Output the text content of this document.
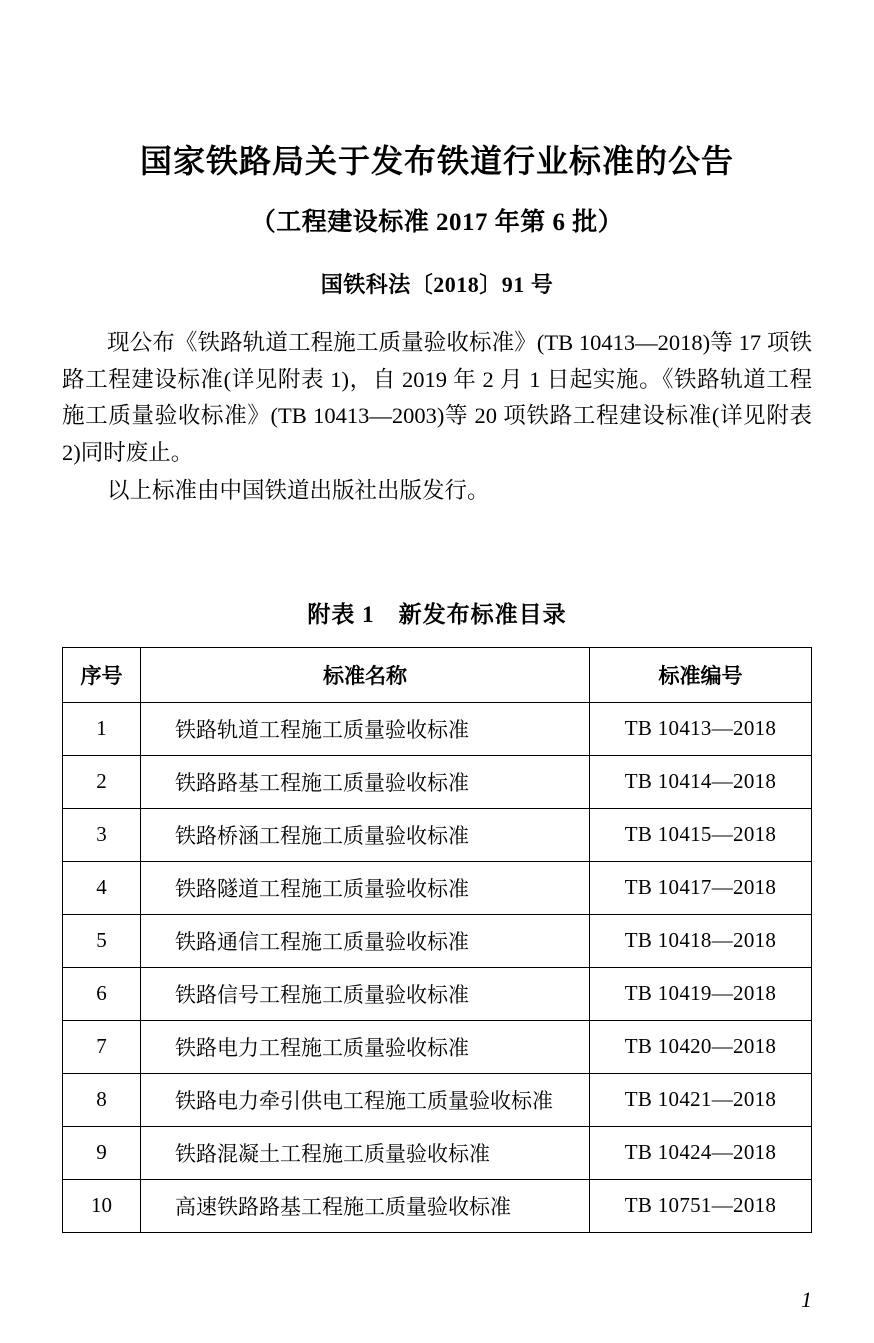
国家铁路局关于发布铁道行业标准的公告
（工程建设标准 2017 年第 6 批）
国铁科法〔2018〕91 号

现公布《铁路轨道工程施工质量验收标准》(TB 10413—2018)等 17 项铁路工程建设标准(详见附表 1)，自 2019 年 2 月 1 日起实施。《铁路轨道工程施工质量验收标准》(TB 10413—2003)等 20 项铁路工程建设标准(详见附表 2)同时废止。

以上标准由中国铁道出版社出版发行。

附表 1　新发布标准目录
序号	标准名称	标准编号
1	铁路轨道工程施工质量验收标准	TB 10413—2018
2	铁路路基工程施工质量验收标准	TB 10414—2018
3	铁路桥涵工程施工质量验收标准	TB 10415—2018
4	铁路隧道工程施工质量验收标准	TB 10417—2018
5	铁路通信工程施工质量验收标准	TB 10418—2018
6	铁路信号工程施工质量验收标准	TB 10419—2018
7	铁路电力工程施工质量验收标准	TB 10420—2018
8	铁路电力牵引供电工程施工质量验收标准	TB 10421—2018
9	铁路混凝土工程施工质量验收标准	TB 10424—2018
10	高速铁路路基工程施工质量验收标准	TB 10751—2018
1
